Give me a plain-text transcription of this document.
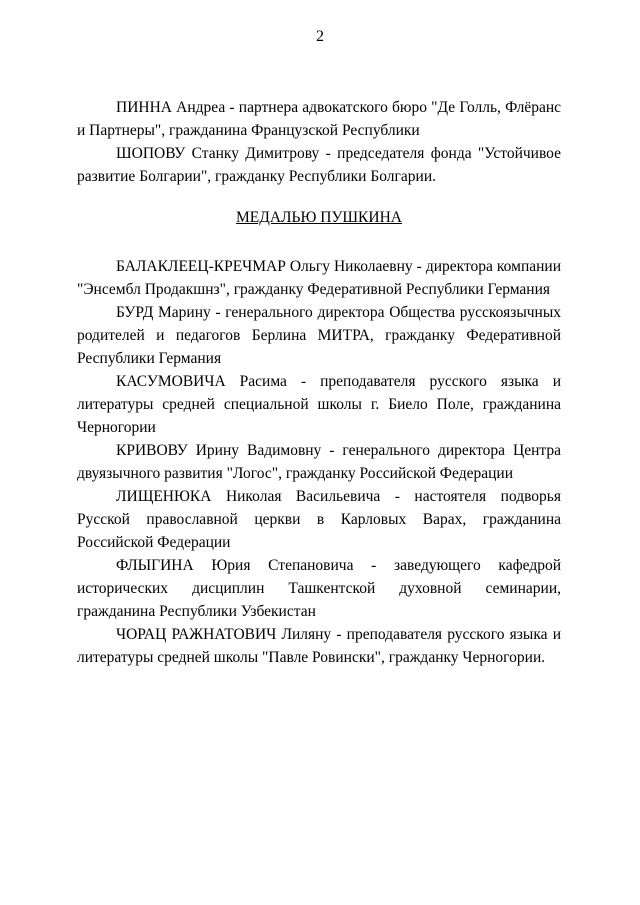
2

ПИННА Андреа - партнера адвокатского бюро "Де Голль, Флёранс и Партнеры", гражданина Французской Республики

ШОПОВУ Станку Димитрову - председателя фонда "Устойчивое развитие Болгарии", гражданку Республики Болгарии.

МЕДАЛЬЮ ПУШКИНА

БАЛАКЛЕЕЦ-КРЕЧМАР Ольгу Николаевну - директора компании "Энсембл Продакшнз", гражданку Федеративной Республики Германия

БУРД Марину - генерального директора Общества русскоязычных родителей и педагогов Берлина МИТРА, гражданку Федеративной Республики Германия

КАСУМОВИЧА Расима - преподавателя русского языка и литературы средней специальной школы г. Биело Поле, гражданина Черногории

КРИВОВУ Ирину Вадимовну - генерального директора Центра двуязычного развития "Логос", гражданку Российской Федерации

ЛИЩЕНЮКА Николая Васильевича - настоятеля подворья Русской православной церкви в Карловых Варах, гражданина Российской Федерации

ФЛЫГИНА Юрия Степановича - заведующего кафедрой исторических дисциплин Ташкентской духовной семинарии, гражданина Республики Узбекистан

ЧОРАЦ РАЖНАТОВИЧ Лиляну - преподавателя русского языка и литературы средней школы "Павле Ровински", гражданку Черногории.
